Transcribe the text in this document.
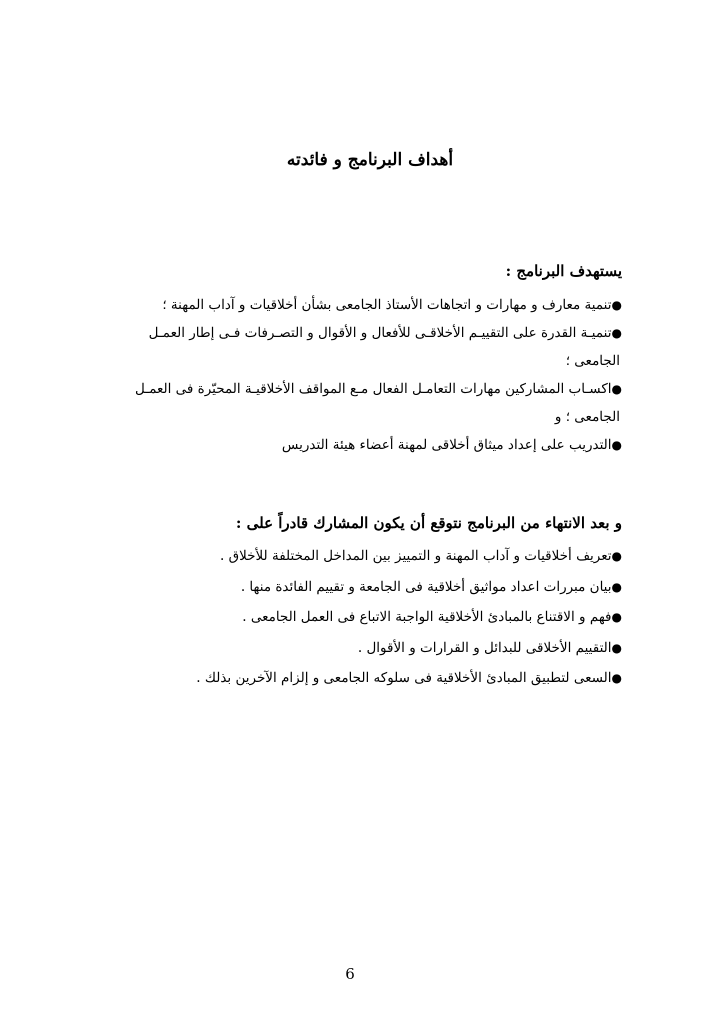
أهداف البرنامج و فائدته
يستهدف البرنامج :
●تنمية معارف و مهارات و اتجاهات الأستاذ الجامعى بشأن أخلاقيات و آداب المهنة ؛
●تنميـة القدرة على التقييـم الأخلاقـى للأفعال و الأقوال و التصـرفات فـى إطار العمـل
الجامعى ؛
●اكسـاب المشاركين مهارات التعامـل الفعال مـع المواقف الأخلاقيـة المحيّرة فى العمـل
الجامعى ؛ و
●التدريب على إعداد ميثاق أخلاقى لمهنة أعضاء هيئة التدريس
و بعد الانتهاء من البرنامج نتوقع أن يكون المشارك قادراً على :
●تعريف أخلاقيات و آداب المهنة و التمييز بين المداخل المختلفة للأخلاق .
●بيان مبررات اعداد مواثيق أخلاقية فى الجامعة و تقييم الفائدة منها .
●فهم و الاقتناع بالمبادئ الأخلاقية الواجبة الاتباع فى العمل الجامعى .
●التقييم الأخلاقى للبدائل و القرارات و الأقوال .
●السعى لتطبيق المبادئ الأخلاقية فى سلوكه الجامعى و إلزام الآخرين بذلك .
6
